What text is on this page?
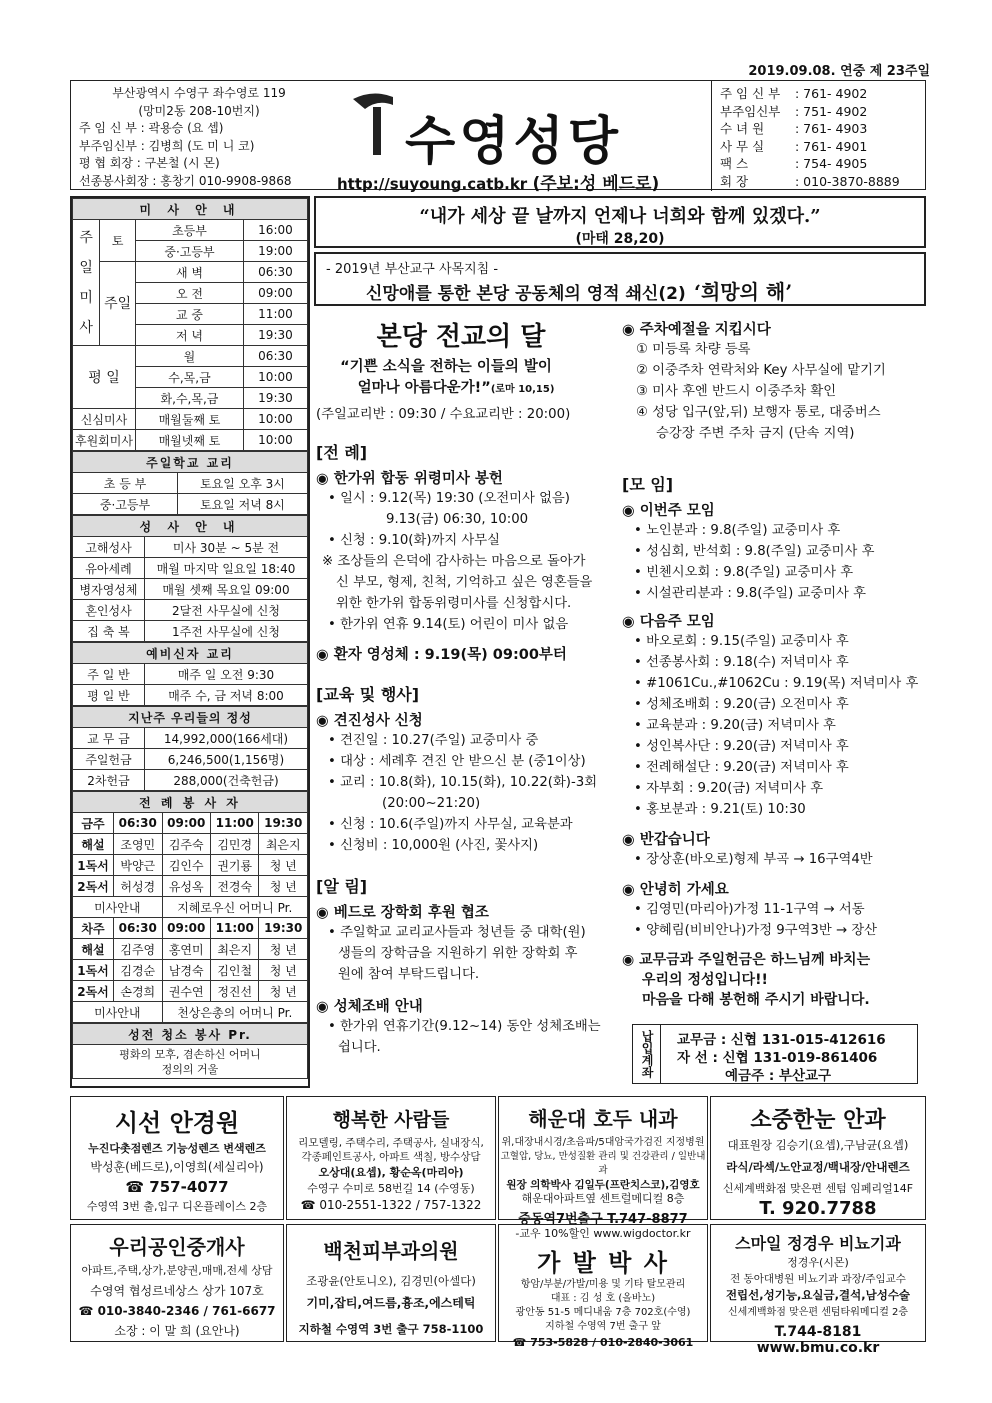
2019.09.08. 연중 제 23주일
부산광역시 수영구 좌수영로 119
(망미2동 208-10번지)
주 임 신 부 : 곽용승 (요 셉)
부주임신부 : 김병희 (도 미 니 코)
평 협 회장 : 구본철 (시 몬)
선종봉사회장 : 홍창기 010-9908-9868
수영성당
http://suyoung.catb.kr (주보:성 베드로)
주 임 신 부 : 761- 4902
부주임신부 : 751- 4902
수 녀 원 : 761- 4903
사 무 실 : 761- 4901
팩 스	: 754- 4905
회 장	: 010-3870-8889
미 사 안 내			
주일미사	토	초등부	16:00
		중·고등부	19:00
	주일	새 벽	06:30
		오 전	09:00
		교 중	11:00
		저 녁	19:30
평 일		월	06:30
		수,목,금	10:00
		화,수,목,금	19:30
신심미사		매월둘째 토	10:00
후원회미사		매월넷째 토	10:00
주일학교 교리	
초 등 부	토요일 오후 3시
중·고등부	토요일 저녁 8시
성 사 안 내	
고해성사	미사 30분 ~ 5분 전
유아세례	매월 마지막 일요일 18:40
병자영성체	매월 셋째 목요일 09:00
혼인성사	2달전 사무실에 신청
집 축 복	1주전 사무실에 신청
예비신자 교리	
주 일 반	매주 일 오전 9:30
평 일 반	매주 수, 금 저녁 8:00
지난주 우리들의 정성	
교 무 금	14,992,000(166세대)
주일헌금	6,246,500(1,156명)
2차헌금	288,000(건축헌금)
전 례 봉 사 자				
금주	06:30	09:00	11:00	19:30
해설	조영민	김주숙	김민경	최은지
1독서	박양근	김인수	권기룡	청 년
2독서	허성경	유성옥	전경숙	청 년
미사안내		지혜로우신 어머니 Pr.		
차주	06:30	09:00	11:00	19:30
해설	김주영	홍연미	최은지	청 년
1독서	김경순	남경숙	김인철	청 년
2독서	손경희	권수연	정진선	청 년
미사안내		천상은총의 어머니 Pr.		
성전 청소 봉사 Pr.

평화의 모후, 겸손하신 어머니
정의의 거울
“내가 세상 끝 날까지 언제나 너희와 함께 있겠다.”
(마태 28,20)
- 2019년 부산교구 사목지침 -
신망애를 통한 본당 공동체의 영적 쇄신(2) ‘희망의 해’
본당 전교의 달
“기쁜 소식을 전하는 이들의 발이
얼마나 아름다운가!”(로마 10,15)
(주일교리반 : 09:30 / 수요교리반 : 20:00)
[전 례]
◉ 한가위 합동 위령미사 봉헌
• 일시 : 9.12(목) 19:30 (오전미사 없음)
9.13(금) 06:30, 10:00
• 신청 : 9.10(화)까지 사무실
※ 조상들의 은덕에 감사하는 마음으로 돌아가
신 부모, 형제, 친척, 기억하고 싶은 영혼들을
위한 한가위 합동위령미사를 신청합시다.
• 한가위 연휴 9.14(토) 어린이 미사 없음
◉ 환자 영성체 : 9.19(목) 09:00부터
[교육 및 행사]
◉ 견진성사 신청
• 견진일 : 10.27(주일) 교중미사 중
• 대상 : 세례후 견진 안 받으신 분 (중1이상)
• 교리 : 10.8(화), 10.15(화), 10.22(화)-3회
(20:00~21:20)
• 신청 : 10.6(주일)까지 사무실, 교육분과
• 신청비 : 10,000원 (사진, 꽃사지)
[알 림]
◉ 베드로 장학회 후원 협조
• 주일학교 교리교사들과 청년들 중 대학(원)
생들의 장학금을 지원하기 위한 장학회 후
원에 참여 부탁드립니다.
◉ 성체조배 안내
• 한가위 연휴기간(9.12~14) 동안 성체조배는
쉽니다.
◉ 주차예절을 지킵시다
① 미등록 차량 등록
② 이중주차 연락처와 Key 사무실에 맡기기
③ 미사 후엔 반드시 이중주차 확인
④ 성당 입구(앞,뒤) 보행자 통로, 대중버스
승강장 주변 주차 금지 (단속 지역)
[모 임]
◉ 이번주 모임
• 노인분과 : 9.8(주일) 교중미사 후
• 성심회, 반석회 : 9.8(주일) 교중미사 후
• 빈첸시오회 : 9.8(주일) 교중미사 후
• 시설관리분과 : 9.8(주일) 교중미사 후
◉ 다음주 모임
• 바오로회 : 9.15(주일) 교중미사 후
• 선종봉사회 : 9.18(수) 저녁미사 후
• #1061Cu.,#1062Cu : 9.19(목) 저녁미사 후
• 성체조배회 : 9.20(금) 오전미사 후
• 교육분과 : 9.20(금) 저녁미사 후
• 성인복사단 : 9.20(금) 저녁미사 후
• 전례해설단 : 9.20(금) 저녁미사 후
• 자부회 : 9.20(금) 저녁미사 후
• 홍보분과 : 9.21(토) 10:30
◉ 반갑습니다
• 장상훈(바오로)형제 부곡 → 16구역4반
◉ 안녕히 가세요
• 김영민(마리아)가정 11-1구역 → 서동
• 양혜림(비비안나)가정 9구역3반 → 장산
◉ 교무금과 주일헌금은 하느님께 바치는
우리의 정성입니다!!
마음을 다해 봉헌해 주시기 바랍니다.
납입계좌	교무금 : 신협 131-015-412616
자 선 : 신협 131-019-861406
예금주 : 부산교구
시선 안경원
누진다촛점렌즈 기능성렌즈 변색렌즈
박성훈(베드로),이영희(세실리아)
☎ 757-4077
수영역 3번 출,입구 디온플레이스 2층
행복한 사람들
리모델링, 주택수리, 주택공사, 실내장식,
각종페인트공사, 아파트 색칠, 방수상담
오상대(요셉), 황순옥(마리아)
수영구 수미로 58번길 14 (수영동)
☎ 010-2551-1322 / 757-1322
해운대 호두 내과
위,대장내시경/초음파/5대암국가검진 지정병원
고혈압, 당뇨, 만성질환 관리 및 건강관리 / 일반내과
원장 의학박사 김일두(프란치스코),김영호
해운대아파트옆 센트럴메디컬 8층
중동역7번출구 T.747-8877
소중한눈 안과
대표원장 김승기(요셉),구남균(요셉)
라식/라섹/노안교정/백내장/안내렌즈
신세계백화점 맞은편 센텀 임페리얼14F
T. 920.7788
우리공인중개사
아파트,주택,상가,분양권,매매,전세 상담
수영역 협성르네상스 상가 107호
☎ 010-3840-2346 / 761-6677
소장 : 이 말 희 (요안나)
백천피부과의원
조광윤(안토니오), 김경민(아셀다)
기미,잡티,여드름,흉조,에스테틱
지하철 수영역 3번 출구 758-1100
-교우 10%할인 www.wigdoctor.kr
가 발 박 사
항암/부분/가발/미용 및 기타 탈모관리
대표 : 김 성 호 (올바노)
광안동 51-5 메디내움 7층 702호(수영)
지하철 수영역 7번 출구 앞
☎ 753-5828 / 010-2840-3061
스마일 정경우 비뇨기과
정경우(시몬)
전 동아대병원 비뇨기과 과장/주임교수
전립선,성기능,요실금,결석,남성수술
신세계백화점 맞은편 센텀타워메디컬 2층
T.744-8181 www.bmu.co.kr
